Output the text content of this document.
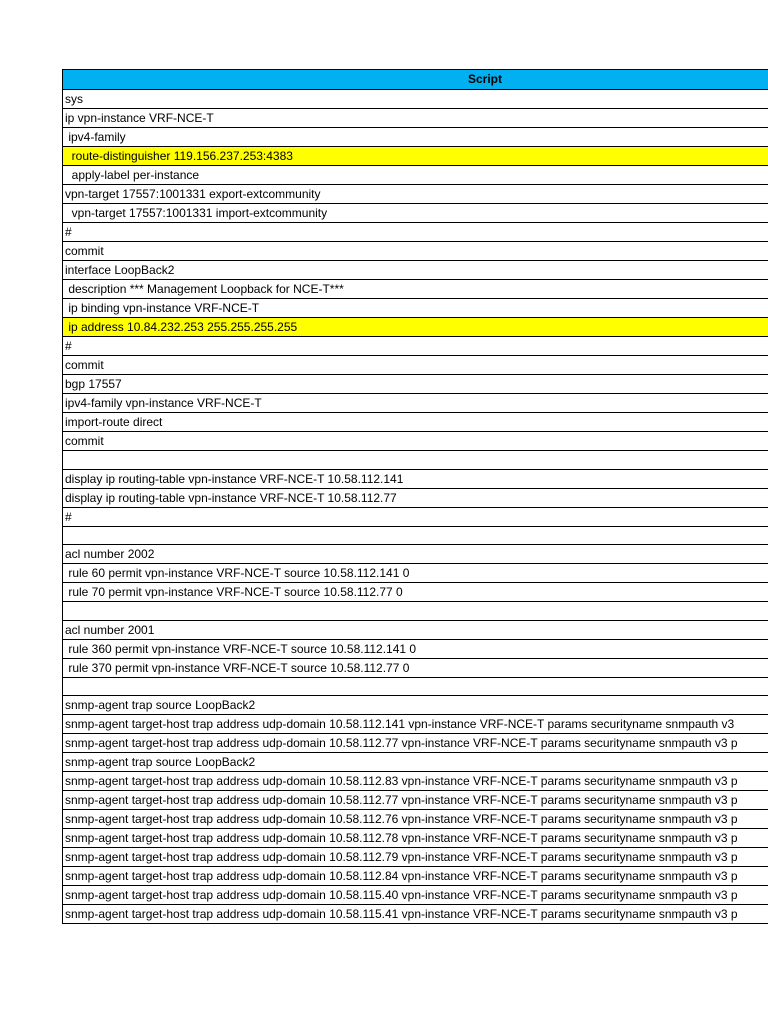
Script

sys
ip vpn-instance VRF-NCE-T
ipv4-family
route-distinguisher 119.156.237.253:4383
apply-label per-instance
vpn-target 17557:1001331 export-extcommunity
vpn-target 17557:1001331 import-extcommunity
#
commit
interface LoopBack2
description *** Management Loopback for NCE-T***
ip binding vpn-instance VRF-NCE-T
ip address 10.84.232.253 255.255.255.255
#
commit
bgp 17557
ipv4-family vpn-instance VRF-NCE-T
import-route direct
commit

display ip routing-table vpn-instance VRF-NCE-T 10.58.112.141
display ip routing-table vpn-instance VRF-NCE-T 10.58.112.77
#

acl number 2002
rule 60 permit vpn-instance VRF-NCE-T source 10.58.112.141 0
rule 70 permit vpn-instance VRF-NCE-T source 10.58.112.77 0

acl number 2001
rule 360 permit vpn-instance VRF-NCE-T source 10.58.112.141 0
rule 370 permit vpn-instance VRF-NCE-T source 10.58.112.77 0

snmp-agent trap source LoopBack2
snmp-agent target-host trap address udp-domain 10.58.112.141 vpn-instance VRF-NCE-T params securityname snmpauth v3
snmp-agent target-host trap address udp-domain 10.58.112.77 vpn-instance VRF-NCE-T params securityname snmpauth v3 p
snmp-agent trap source LoopBack2
snmp-agent target-host trap address udp-domain 10.58.112.83 vpn-instance VRF-NCE-T params securityname snmpauth v3 p
snmp-agent target-host trap address udp-domain 10.58.112.77 vpn-instance VRF-NCE-T params securityname snmpauth v3 p
snmp-agent target-host trap address udp-domain 10.58.112.76 vpn-instance VRF-NCE-T params securityname snmpauth v3 p
snmp-agent target-host trap address udp-domain 10.58.112.78 vpn-instance VRF-NCE-T params securityname snmpauth v3 p
snmp-agent target-host trap address udp-domain 10.58.112.79 vpn-instance VRF-NCE-T params securityname snmpauth v3 p
snmp-agent target-host trap address udp-domain 10.58.112.84 vpn-instance VRF-NCE-T params securityname snmpauth v3 p
snmp-agent target-host trap address udp-domain 10.58.115.40 vpn-instance VRF-NCE-T params securityname snmpauth v3 p
snmp-agent target-host trap address udp-domain 10.58.115.41 vpn-instance VRF-NCE-T params securityname snmpauth v3 p
